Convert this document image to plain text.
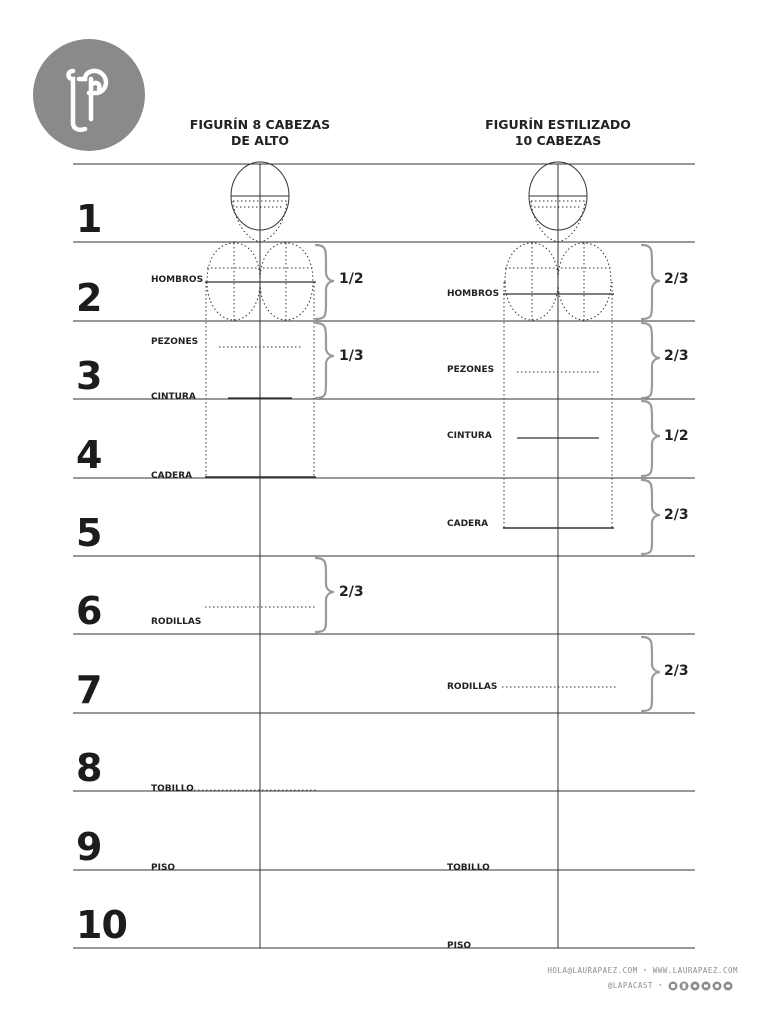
FIGURÍN 8 CABEZAS
DE ALTO
FIGURÍN ESTILIZADO
10 CABEZAS
1
2
3
4
5
6
7
8
9
10
HOMBROS
PEZONES
CINTURA
CADERA
RODILLAS
TOBILLO
PISO
HOMBROS
PEZONES
CINTURA
CADERA
RODILLAS
TOBILLO
PISO
1/2
1/3
2/3
2/3
2/3
1/2
2/3
2/3
HOLA@LAURAPAEZ.COM • WWW.LAURAPAEZ.COM
@LAPACAST •
